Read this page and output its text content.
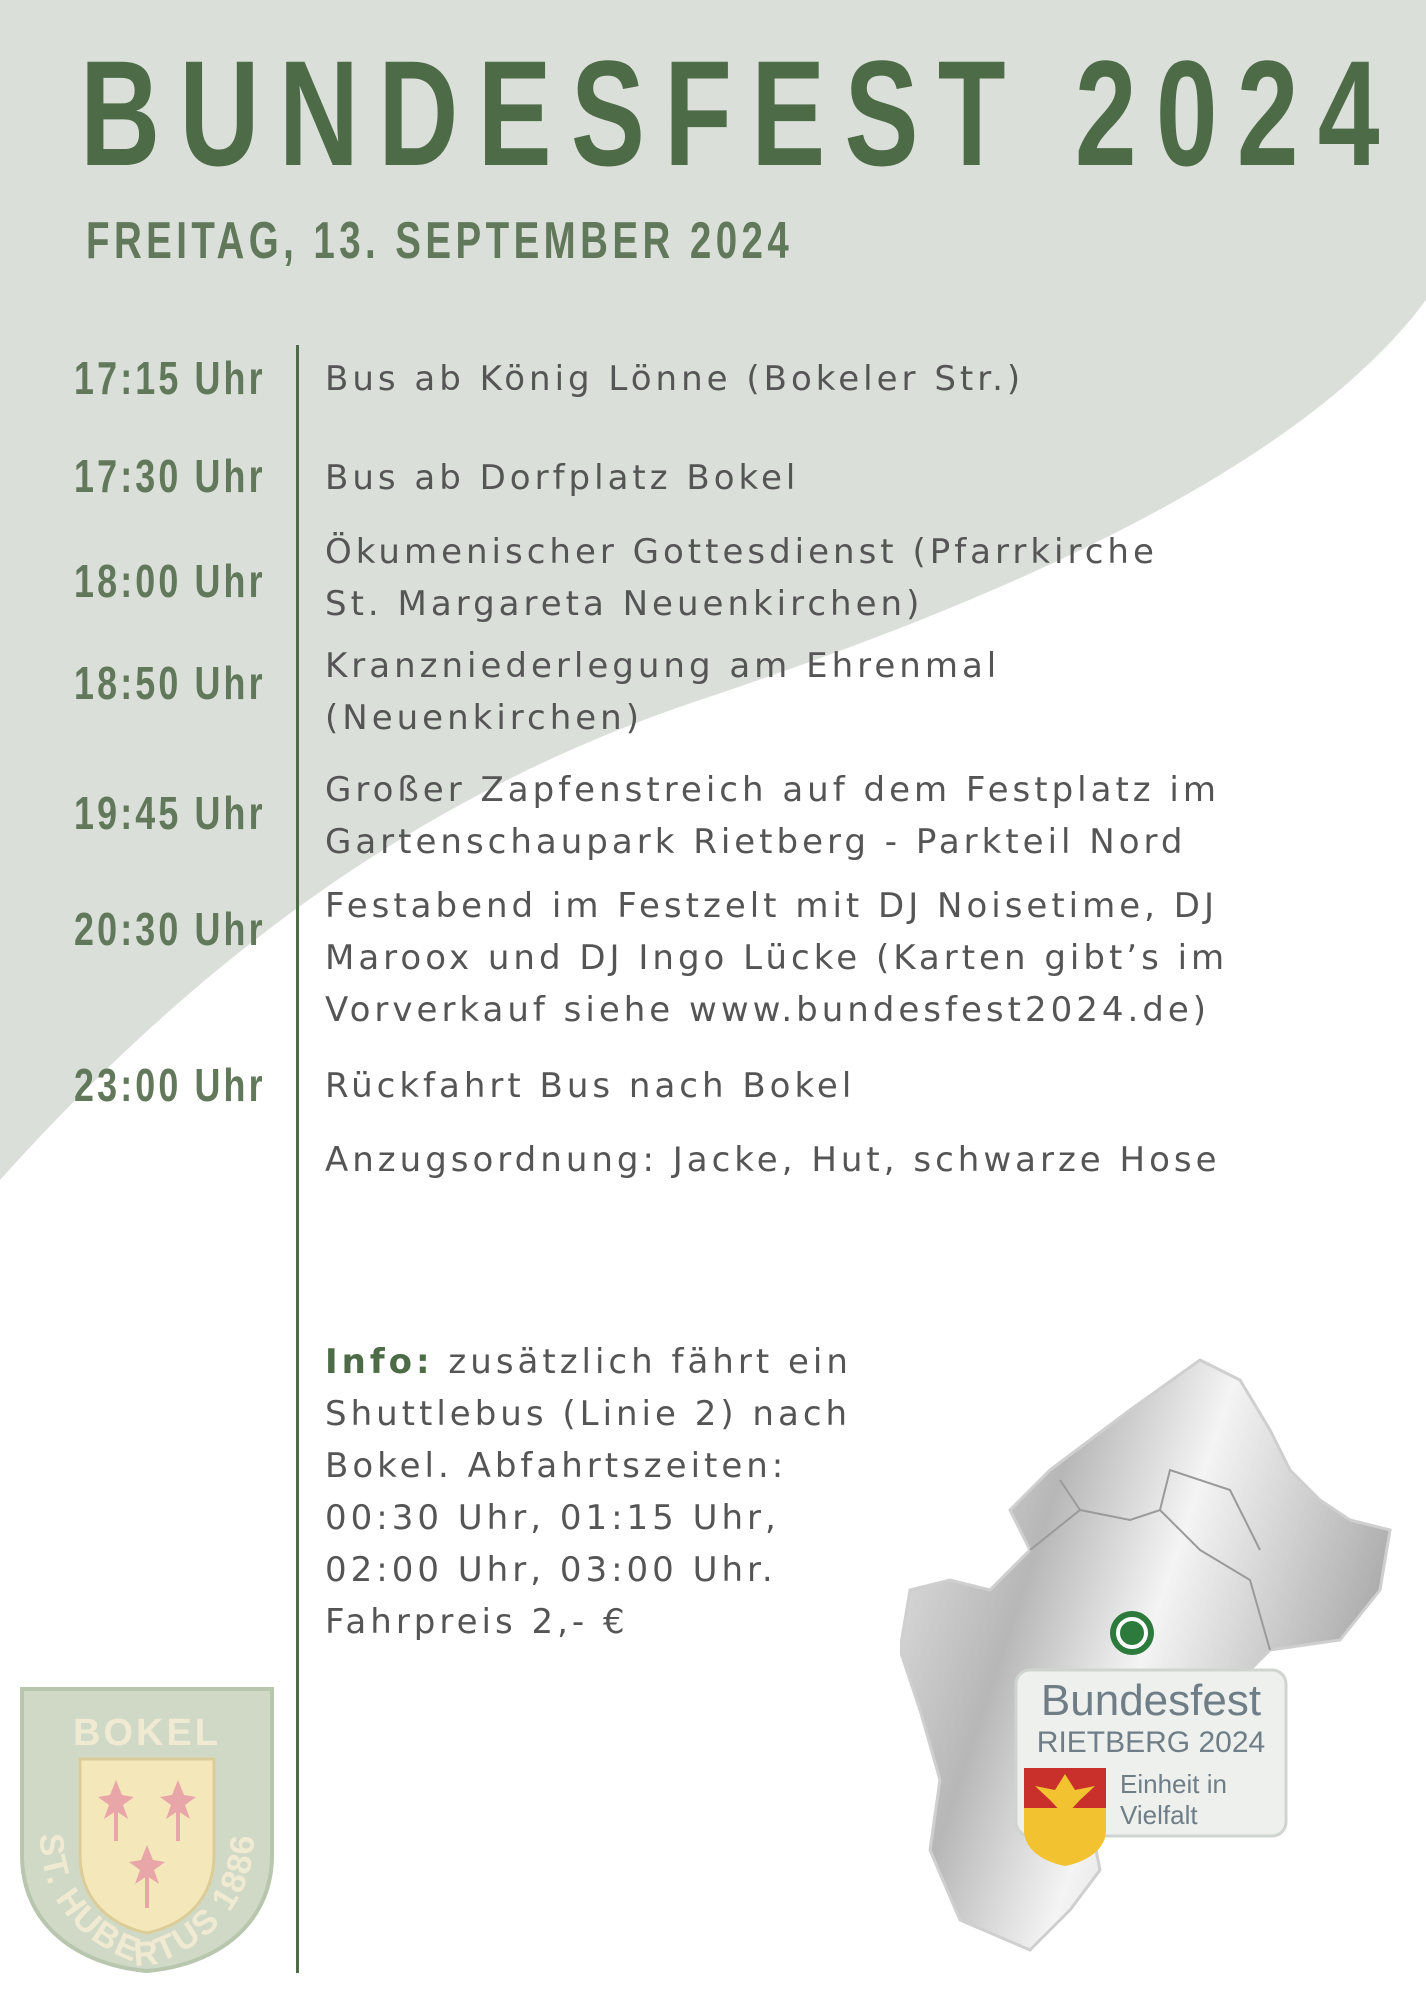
BUNDESFEST 2024
FREITAG, 13. SEPTEMBER 2024

17:15 Uhr Bus ab König Lönne (Bokeler Str.)

17:30 Uhr Bus ab Dorfplatz Bokel

18:00 Uhr

Ökumenischer Gottesdienst (Pfarrkirche
St. Margareta Neuenkirchen)

18:50 Uhr Kranzniederlegung am Ehrenmal
(Neuenkirchen)

19:45 Uhr Großer Zapfenstreich auf dem Festplatz im
Gartenschaupark Rietberg - Parkteil Nord

20:30 Uhr Festabend im Festzelt mit DJ Noisetime, DJ
Maroox und DJ Ingo Lücke (Karten gibt’s im
Vorverkauf siehe www.bundesfest2024.de)

23:00 Uhr Rückfahrt Bus nach Bokel

Anzugsordnung: Jacke, Hut, schwarze Hose

Info: zusätzlich fährt ein
Shuttlebus (Linie 2) nach
Bokel. Abfahrtszeiten:
00:30 Uhr, 01:15 Uhr,
02:00 Uhr, 03:00 Uhr.
Fahrpreis 2,- €

BOKEL
ST. HUBERTUS 1886
Bundesfest
RIETBERG 2024
Einheit in
Vielfalt
